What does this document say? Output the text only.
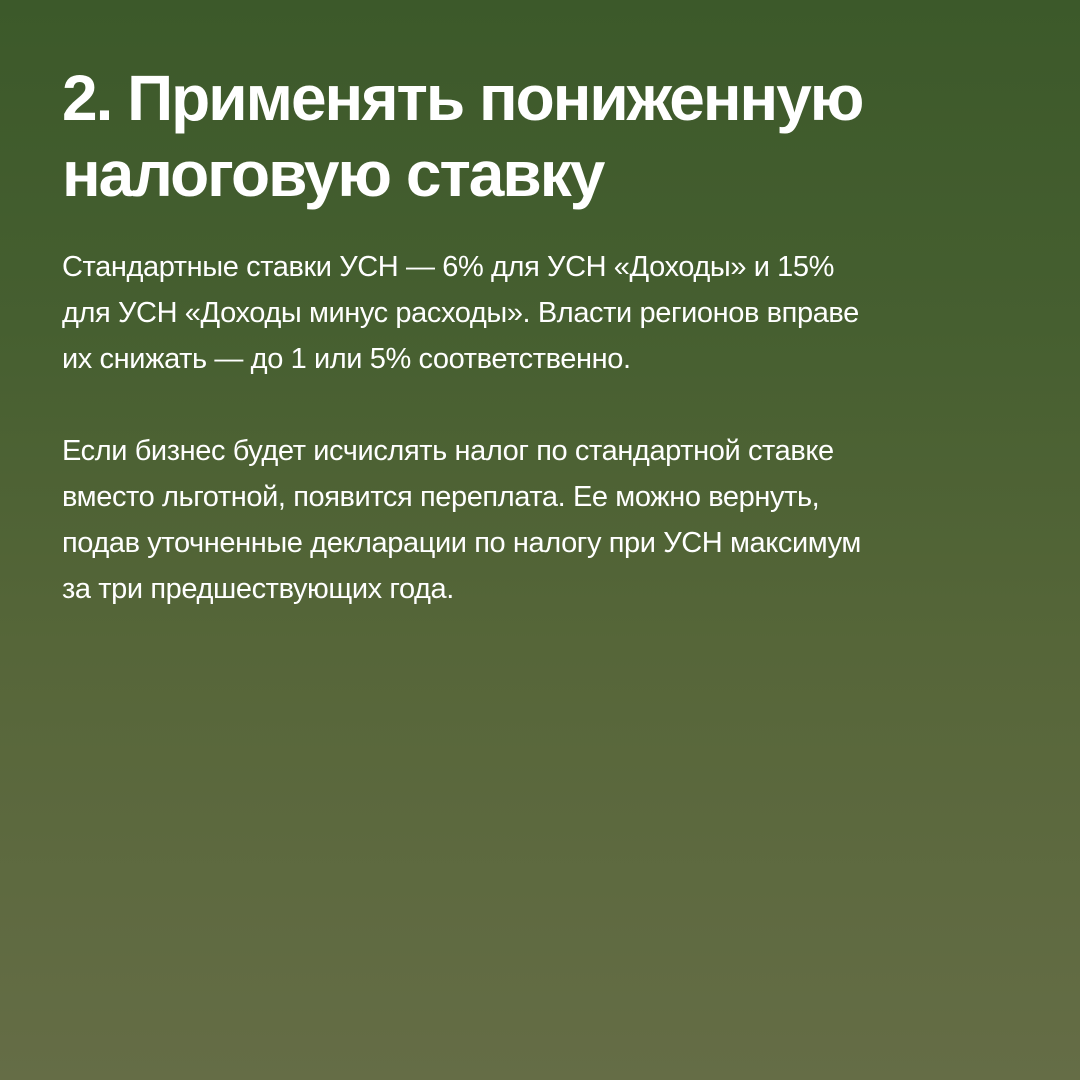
2. Применять пониженную
налоговую ставку

Стандартные ставки УСН — 6% для УСН «Доходы» и 15%
для УСН «Доходы минус расходы». Власти регионов вправе
их снижать — до 1 или 5% соответственно.

Если бизнес будет исчислять налог по стандартной ставке
вместо льготной, появится переплата. Ее можно вернуть,
подав уточненные декларации по налогу при УСН максимум
за три предшествующих года.
